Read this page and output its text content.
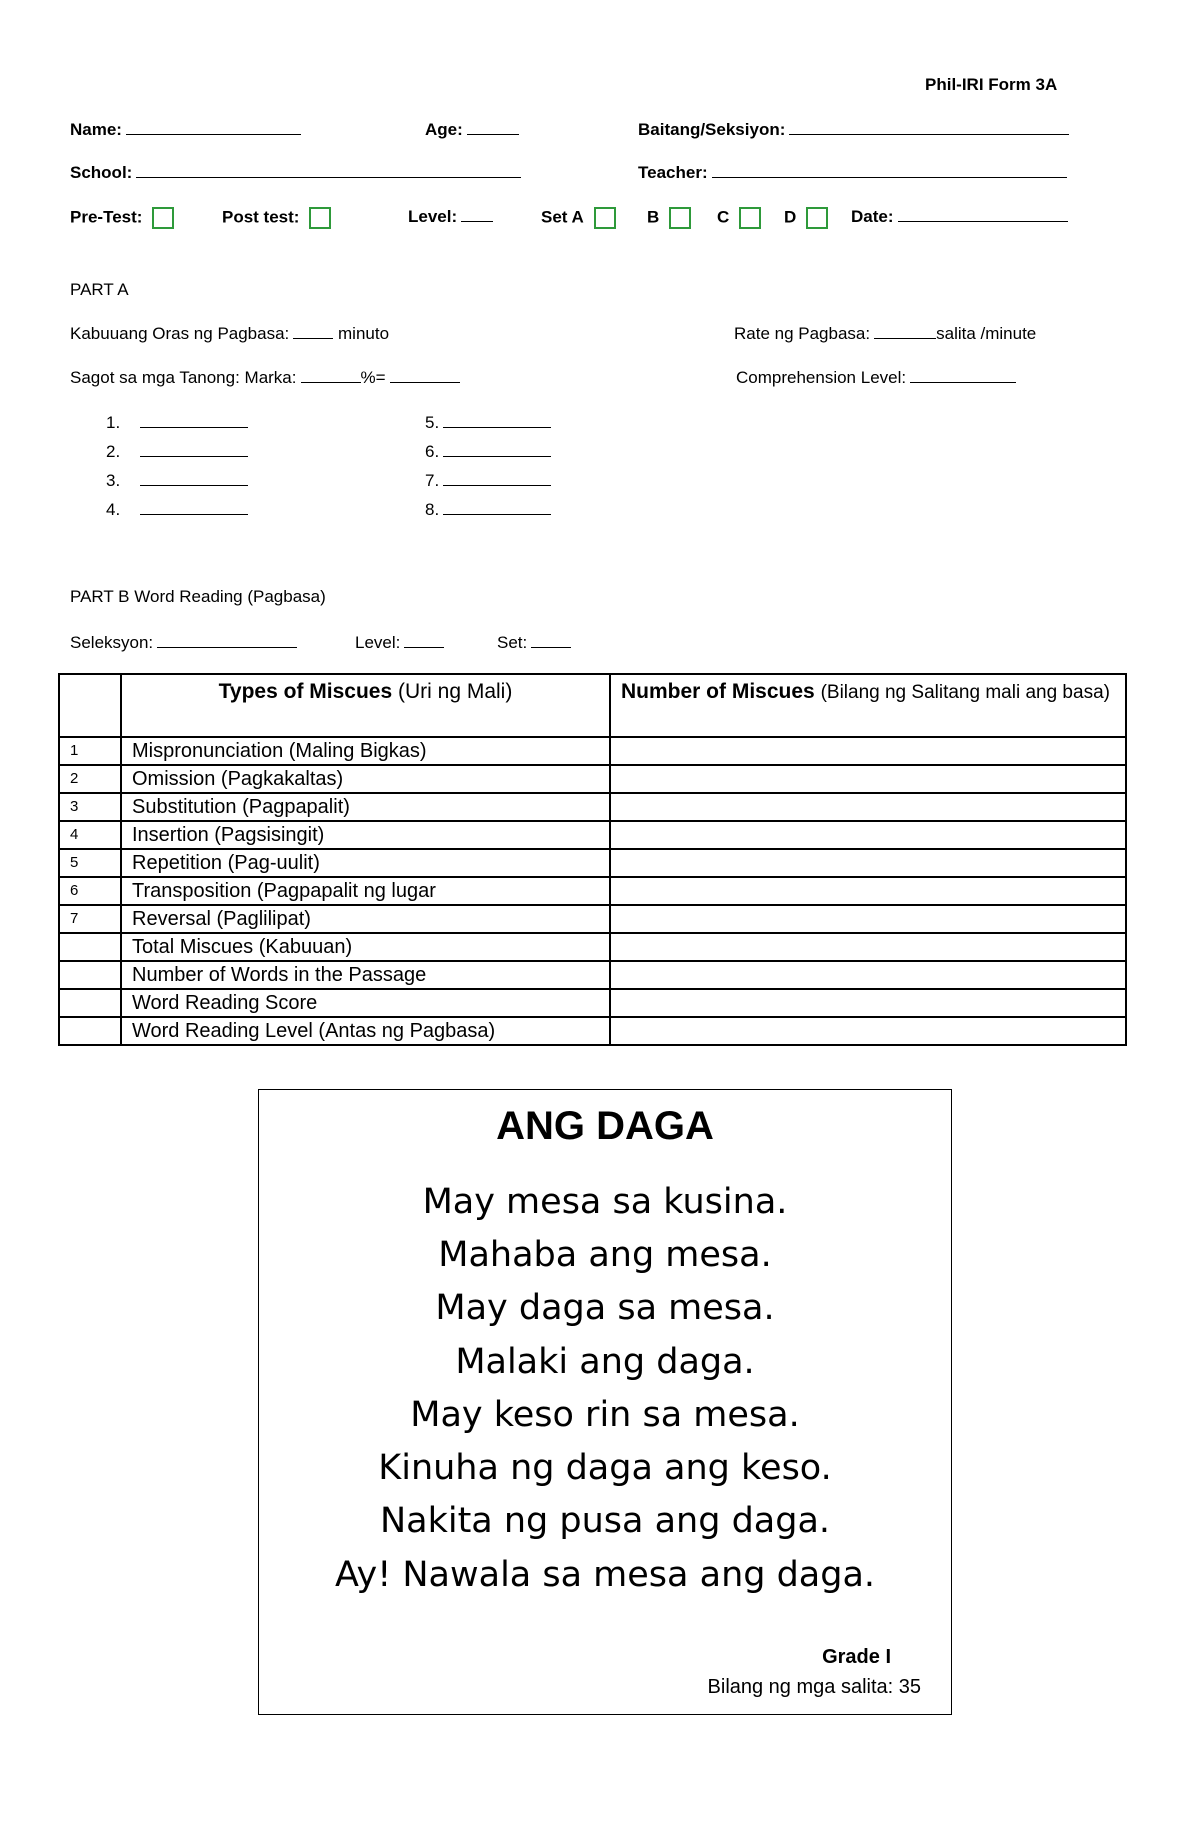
Phil-IRI Form 3A
Name:	Age:	Baitang/Seksiyon:
School:	Teacher:
Pre-Test:	Post test:	Level:	Set A	B	C	D	Date:
PART A
Kabuuang Oras ng Pagbasa:	minuto	Rate ng Pagbasa:	salita /minute
Sagot sa mga Tanong: Marka:	%=	Comprehension Level:
1.
2.
3.
4.
5.
6.
7.
8.
PART B Word Reading (Pagbasa)
Seleksyon:	Level:	Set:
	Types of Miscues (Uri ng Mali)	Number of Miscues (Bilang ng Salitang mali ang basa)
1	Mispronunciation (Maling Bigkas)	
2	Omission (Pagkakaltas)	
3	Substitution (Pagpapalit)	
4	Insertion (Pagsisingit)	
5	Repetition (Pag-uulit)	
6	Transposition (Pagpapalit ng lugar	
7	Reversal (Paglilipat)	
	Total Miscues (Kabuuan)	
	Number of Words in the Passage	
	Word Reading Score	
	Word Reading Level (Antas ng Pagbasa)	
ANG DAGA
May mesa sa kusina.
Mahaba ang mesa.
May daga sa mesa.
Malaki ang daga.
May keso rin sa mesa.
Kinuha ng daga ang keso.
Nakita ng pusa ang daga.
Ay! Nawala sa mesa ang daga.
Grade I
Bilang ng mga salita: 35
